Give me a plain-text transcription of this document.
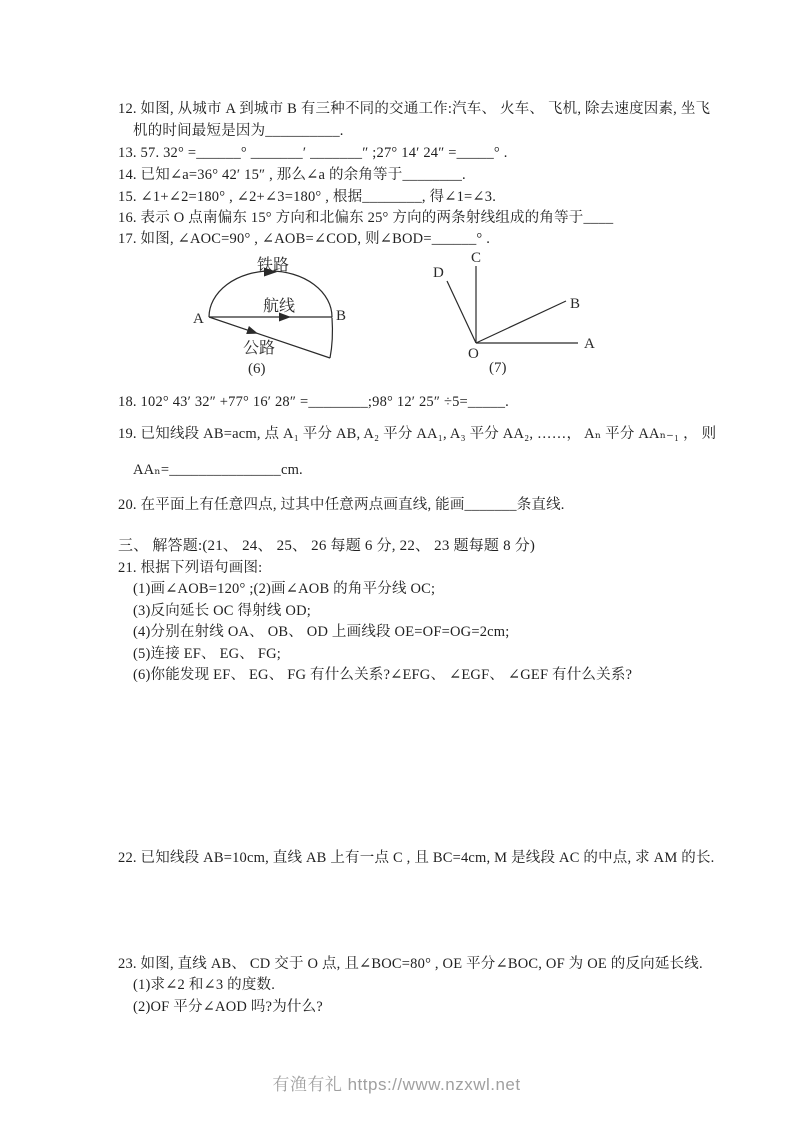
12. 如图, 从城市 A 到城市 B 有三种不同的交通工作:汽车、 火车、 飞机, 除去速度因素, 坐飞
机的时间最短是因为__________.
13. 57. 32° =______° _______′ _______″ ;27° 14′ 24″ =_____° .
14. 已知∠a=36° 42′ 15″ , 那么∠a 的余角等于________.
15. ∠1+∠2=180° , ∠2+∠3=180° , 根据________, 得∠1=∠3.
16. 表示 O 点南偏东 15° 方向和北偏东 25° 方向的两条射线组成的角等于____
17. 如图, ∠AOC=90° , ∠AOB=∠COD, 则∠BOD=______° .
铁路
航线
公路
A	B
(6)
A
B
C
D
O
(7)
18. 102° 43′ 32″ +77° 16′ 28″ =________;98° 12′ 25″ ÷5=_____.
19. 已知线段 AB=acm, 点 A₁ 平分 AB, A₂ 平分 AA₁, A₃ 平分 AA₂, ……， Aₙ 平分 AAₙ₋₁ ， 则
AAₙ=_______________cm.
20. 在平面上有任意四点, 过其中任意两点画直线, 能画_______条直线.
三、 解答题:(21、 24、 25、 26 每题 6 分, 22、 23 题每题 8 分)
21. 根据下列语句画图:
(1)画∠AOB=120° ;(2)画∠AOB 的角平分线 OC;
(3)反向延长 OC 得射线 OD;
(4)分别在射线 OA、 OB、 OD 上画线段 OE=OF=OG=2cm;
(5)连接 EF、 EG、 FG;
(6)你能发现 EF、 EG、 FG 有什么关系?∠EFG、 ∠EGF、 ∠GEF 有什么关系?
22. 已知线段 AB=10cm, 直线 AB 上有一点 C , 且 BC=4cm, M 是线段 AC 的中点, 求 AM 的长.
23. 如图, 直线 AB、 CD 交于 O 点, 且∠BOC=80° , OE 平分∠BOC, OF 为 OE 的反向延长线.
(1)求∠2 和∠3 的度数.
(2)OF 平分∠AOD 吗?为什么?
有渔有礼 https://www.nzxwl.net
